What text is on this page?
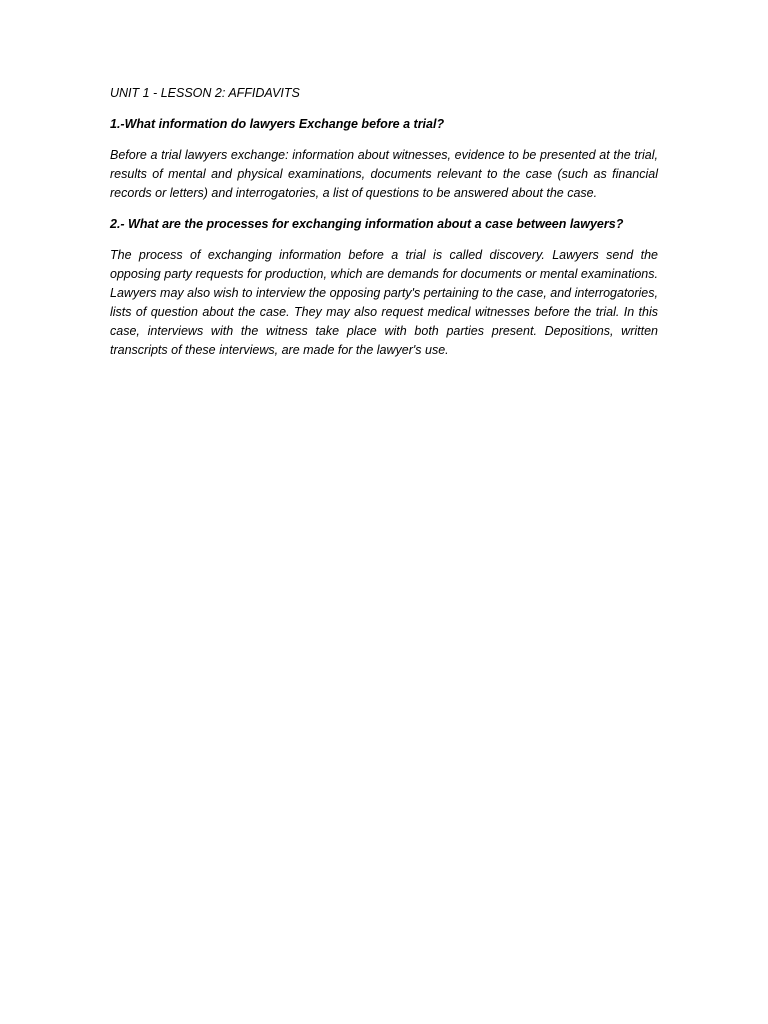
UNIT 1 - LESSON 2: AFFIDAVITS

1.-What information do lawyers Exchange before a trial?

Before a trial lawyers exchange: information about witnesses, evidence to be presented at the trial, results of mental and physical examinations, documents relevant to the case (such as financial records or letters) and interrogatories, a list of questions to be answered about the case.

2.- What are the processes for exchanging information about a case between lawyers?

The process of exchanging information before a trial is called discovery. Lawyers send the opposing party requests for production, which are demands for documents or mental examinations. Lawyers may also wish to interview the opposing party's pertaining to the case, and interrogatories, lists of question about the case. They may also request medical witnesses before the trial. In this case, interviews with the witness take place with both parties present. Depositions, written transcripts of these interviews, are made for the lawyer's use.
